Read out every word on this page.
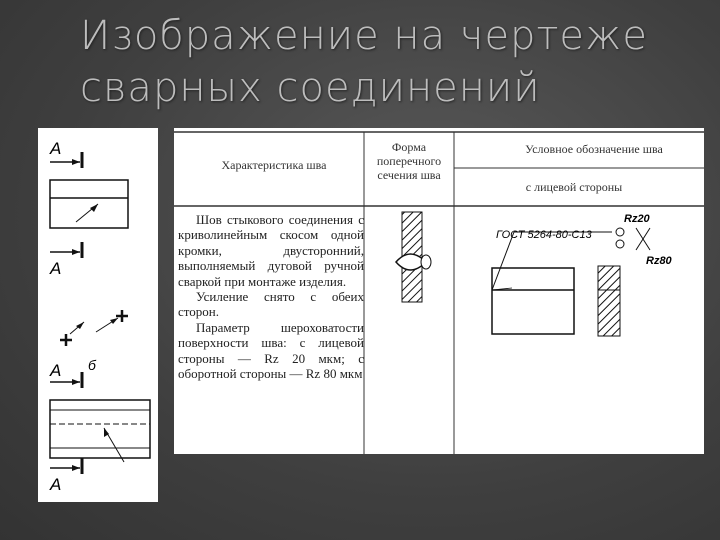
Изображение на чертеже
сварных соединений
А
А
А б
А
ГОСТ 5264-80-С13
Rz20
Rz80
Характеристика шва
Форма
поперечного
сечения шва
Условное обозначение шва
с лицевой стороны

Шов стыкового соединения с криволинейным скосом одной кромки, двусторонний, выполняемый дуговой ручной сваркой при монтаже изделия.

Усиление снято с обеих сторон.

Параметр шероховатости поверхности шва: с лицевой стороны — Rz 20 мкм; с оборотной стороны — Rz 80 мкм
